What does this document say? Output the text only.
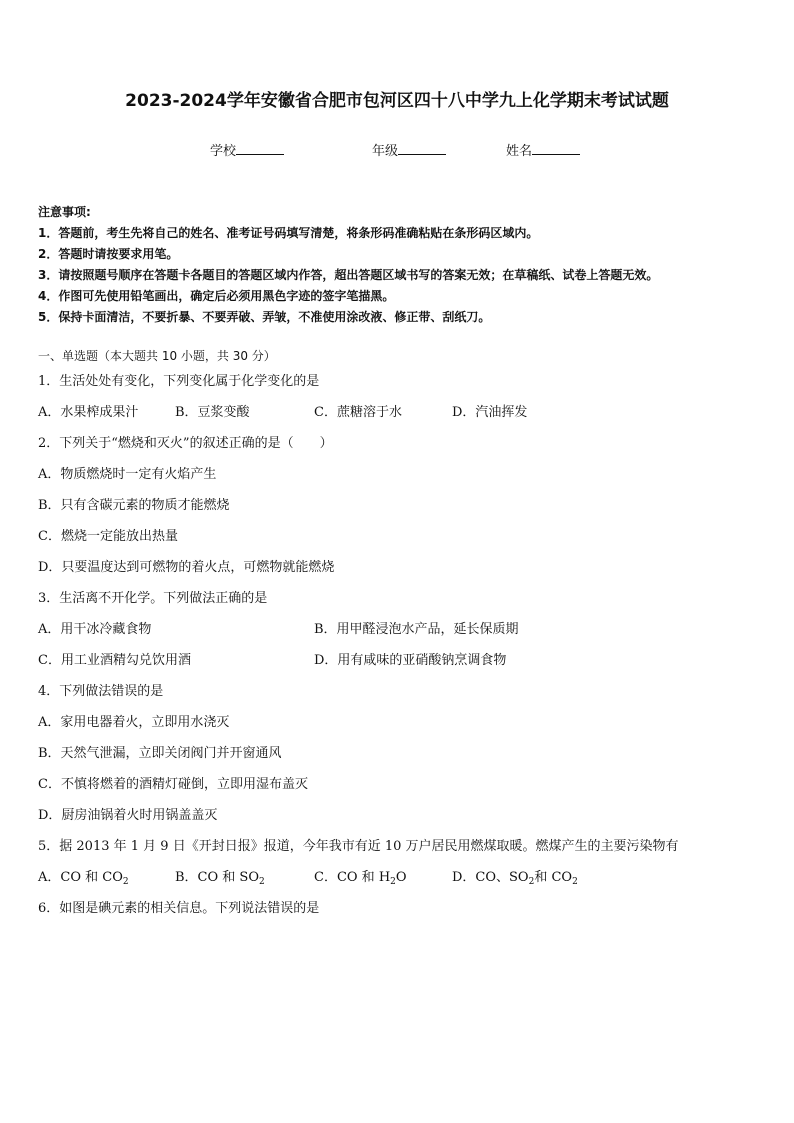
2023-2024学年安徽省合肥市包河区四十八中学九上化学期末考试试题
学校	年级	姓名
注意事项:
1．答题前，考生先将自己的姓名、准考证号码填写清楚，将条形码准确粘贴在条形码区域内。
2．答题时请按要求用笔。
3．请按照题号顺序在答题卡各题目的答题区域内作答，超出答题区域书写的答案无效；在草稿纸、试卷上答题无效。
4．作图可先使用铅笔画出，确定后必须用黑色字迹的签字笔描黑。
5．保持卡面清洁，不要折暴、不要弄破、弄皱，不准使用涂改液、修正带、刮纸刀。
一、单选题（本大题共 10 小题，共 30 分）
1．生活处处有变化，下列变化属于化学变化的是
A．水果榨成果汁	B．豆浆变酸	C．蔗糖溶于水	D．汽油挥发
2．下列关于“燃烧和灭火”的叙述正确的是（　　）
A．物质燃烧时一定有火焰产生
B．只有含碳元素的物质才能燃烧
C．燃烧一定能放出热量
D．只要温度达到可燃物的着火点，可燃物就能燃烧
3．生活离不开化学。下列做法正确的是
A．用干冰冷藏食物	B．用甲醛浸泡水产品，延长保质期
C．用工业酒精勾兑饮用酒	D．用有咸味的亚硝酸钠烹调食物
4．下列做法错误的是
A．家用电器着火，立即用水浇灭
B．天然气泄漏，立即关闭阀门并开窗通风
C．不慎将燃着的酒精灯碰倒，立即用湿布盖灭
D．厨房油锅着火时用锅盖盖灭
5．据 2013 年 1 月 9 日《开封日报》报道，今年我市有近 10 万户居民用燃煤取暖。燃煤产生的主要污染物有
A．CO 和 $CO_2$	B．CO 和 $SO_2$	C．CO 和 $H_2O$	D．CO、$SO_2$和 $CO_2$
6．如图是碘元素的相关信息。下列说法错误的是
